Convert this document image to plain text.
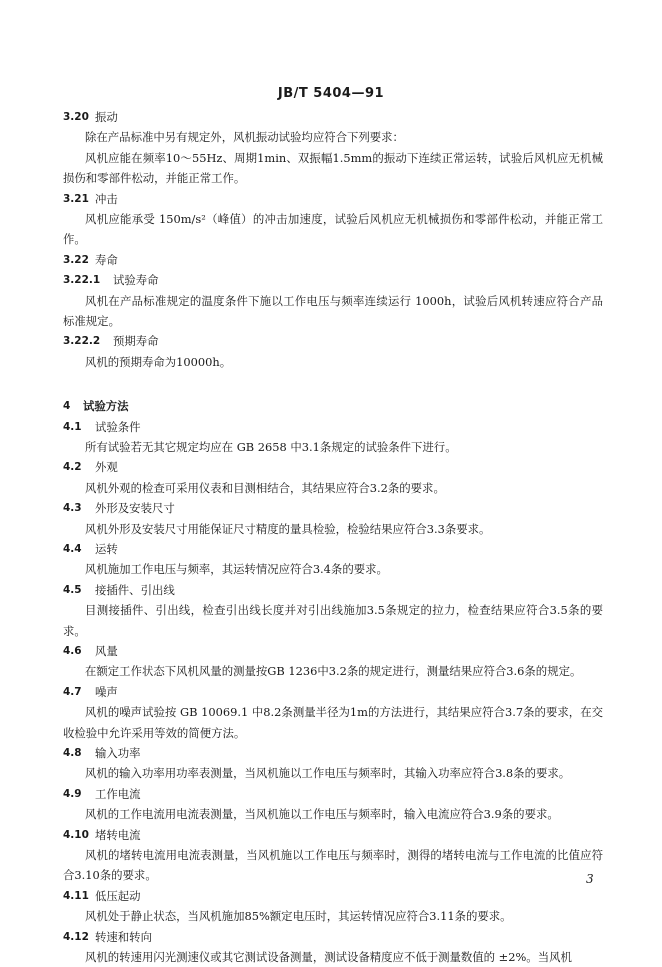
JB/T 5404—91
3.20 振动

除在产品标准中另有规定外，风机振动试验均应符合下列要求：

风机应能在频率10～55Hz、周期1min、双振幅1.5mm的振动下连续正常运转，试验后风机应无机械损伤和零部件松动，并能正常工作。

3.21 冲击

风机应能承受 150m/s²（峰值）的冲击加速度，试验后风机应无机械损伤和零部件松动，并能正常工作。

3.22 寿命
3.22.1	试验寿命

风机在产品标准规定的温度条件下施以工作电压与频率连续运行 1000h，试验后风机转速应符合产品标准规定。

3.22.2	预期寿命

风机的预期寿命为10000h。

4	试验方法
4.1	试验条件

所有试验若无其它规定均应在 GB 2658 中3.1条规定的试验条件下进行。

4.2	外观

风机外观的检查可采用仪表和目测相结合，其结果应符合3.2条的要求。

4.3	外形及安装尺寸

风机外形及安装尺寸用能保证尺寸精度的量具检验，检验结果应符合3.3条要求。

4.4	运转

风机施加工作电压与频率，其运转情况应符合3.4条的要求。

4.5	接插件、引出线

目测接插件、引出线，检查引出线长度并对引出线施加3.5条规定的拉力，检查结果应符合3.5条的要求。

4.6	风量

在额定工作状态下风机风量的测量按GB 1236中3.2条的规定进行，测量结果应符合3.6条的规定。

4.7	噪声

风机的噪声试验按 GB 10069.1 中8.2条测量半径为1m的方法进行，其结果应符合3.7条的要求，在交收检验中允许采用等效的简便方法。

4.8	输入功率

风机的输入功率用功率表测量，当风机施以工作电压与频率时，其输入功率应符合3.8条的要求。

4.9	工作电流

风机的工作电流用电流表测量，当风机施以工作电压与频率时，输入电流应符合3.9条的要求。

4.10 堵转电流

风机的堵转电流用电流表测量，当风机施以工作电压与频率时，测得的堵转电流与工作电流的比值应符合3.10条的要求。

4.11 低压起动

风机处于静止状态，当风机施加85%额定电压时，其运转情况应符合3.11条的要求。

4.12 转速和转向

风机的转速用闪光测速仪或其它测试设备测量，测试设备精度应不低于测量数值的 ±2%。当风机

3
